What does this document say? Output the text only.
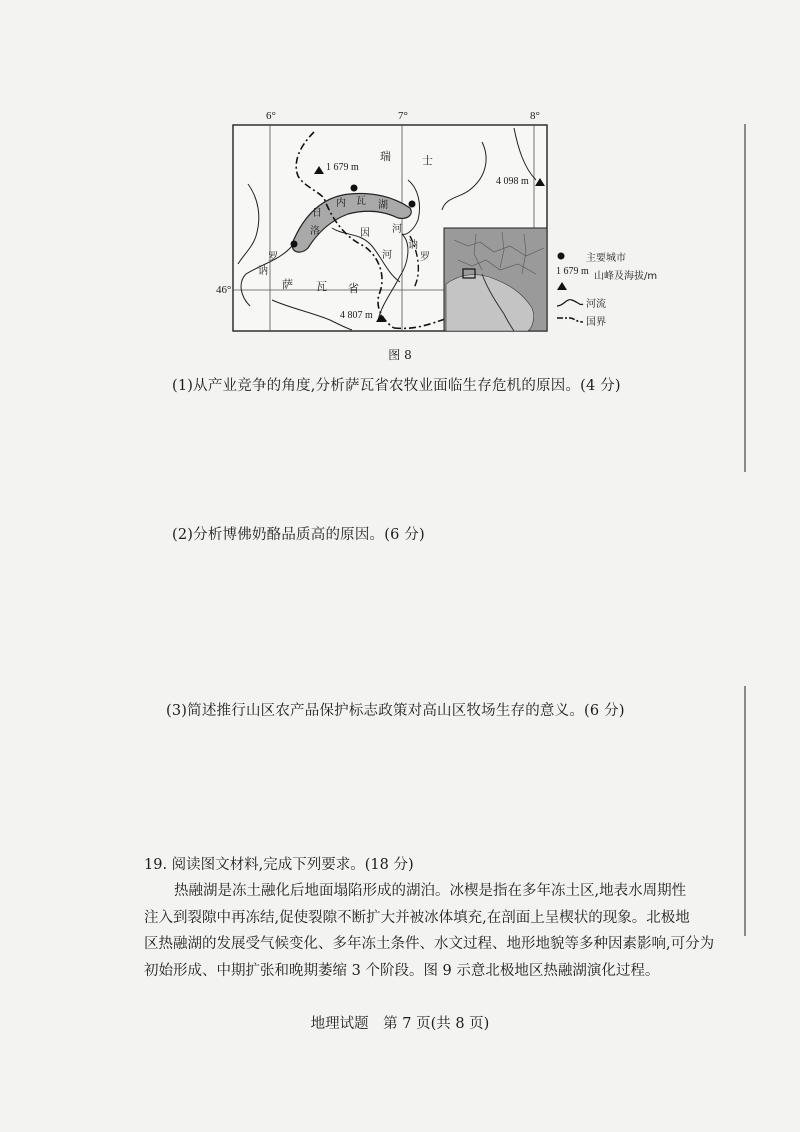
6°	7°	8°
46°
1 679 m
4 098 m
4 807 m
瑞	士
日
内 瓦 湖
河
洛	因
河
讷
罗
罗
讷
萨 瓦 省
主要城市
1 679 m 山峰及海拔/m
河流
国界
图 8
(1)从产业竞争的角度,分析萨瓦省农牧业面临生存危机的原因。(4 分)
(2)分析博佛奶酪品质高的原因。(6 分)
(3)简述推行山区农产品保护标志政策对高山区牧场生存的意义。(6 分)
19. 阅读图文材料,完成下列要求。(18 分)
热融湖是冻土融化后地面塌陷形成的湖泊。冰楔是指在多年冻土区,地表水周期性
注入到裂隙中再冻结,促使裂隙不断扩大并被冰体填充,在剖面上呈楔状的现象。北极地
区热融湖的发展受气候变化、多年冻土条件、水文过程、地形地貌等多种因素影响,可分为
初始形成、中期扩张和晚期萎缩 3 个阶段。图 9 示意北极地区热融湖演化过程。
地理试题　第 7 页(共 8 页)
